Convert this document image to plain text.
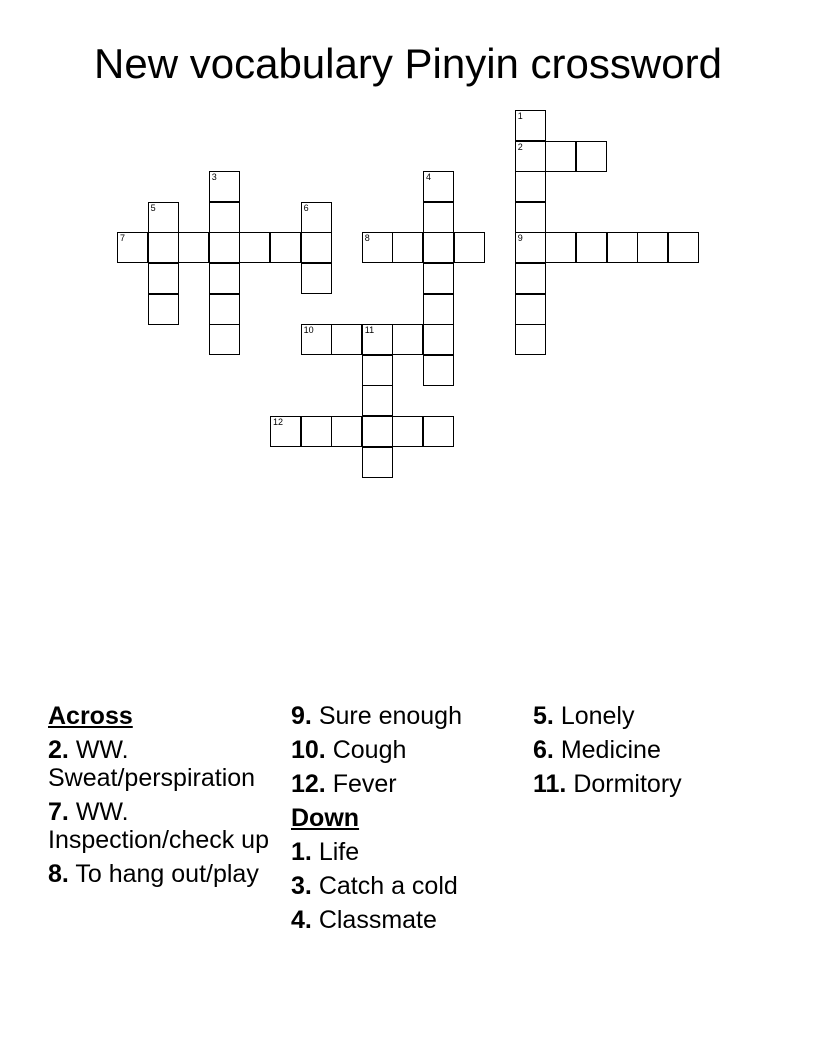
New vocabulary Pinyin crossword
1
2
3	4
5	6
7	8	9
10	11
12
Across
2. WW. Sweat/perspiration
7. WW. Inspection/check up
8. To hang out/play
9. Sure enough
10. Cough
12. Fever
Down
1. Life
3. Catch a cold
4. Classmate
5. Lonely
6. Medicine
11. Dormitory
